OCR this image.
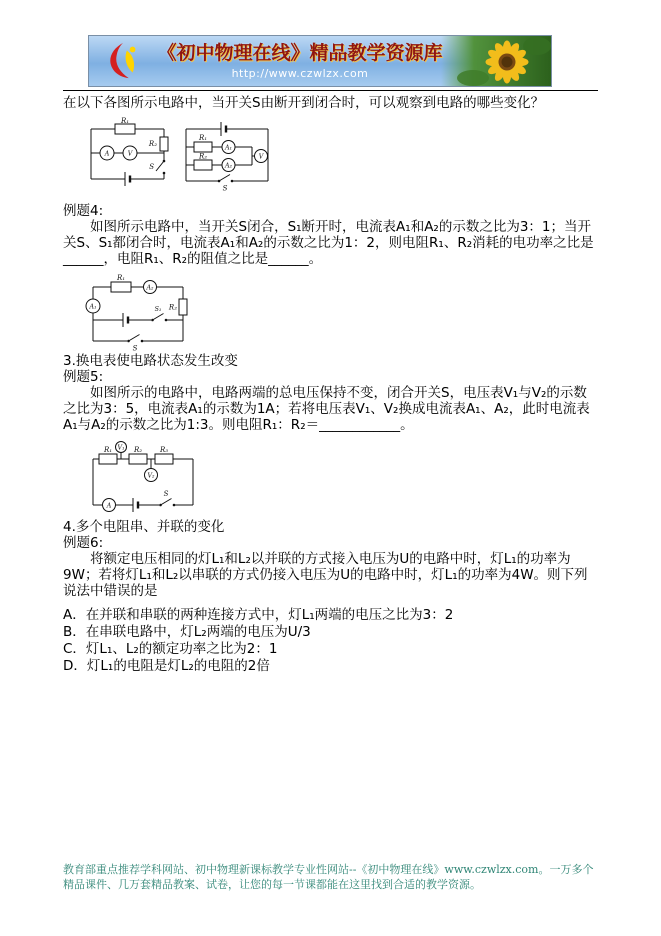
《初中物理在线》精品教学资源库
http://www.czwlzx.com

在以下各图所示电路中，当开关S由断开到闭合时，可以观察到电路的哪些变化？

R₁
A	V
R₂
S
R₁
A₁
R₂
A₂
V
S

例题4:

如图所示电路中，当开关S闭合，S₁断开时，电流表A₁和A₂的示数之比为3：1；当开关S、S₁都闭合时，电流表A₁和A₂的示数之比为1：2，则电阻R₁、R₂消耗的电功率之比是______，电阻R₁、R₂的阻值之比是______。

A₁
R₁
A₂
R₂
S₁
S

3.换电表使电路状态发生改变

例题5:

如图所示的电路中，电路两端的总电压保持不变，闭合开关S，电压表V₁与V₂的示数之比为3：5，电流表A₁的示数为1A；若将电压表V₁、V₂换成电流表A₁、A₂，此时电流表A₁与A₂的示数之比为1:3。则电阻R₁：R₂＝____________。

R₁	R₂	R₃
V₁
V₂
A
S

4.多个电阻串、并联的变化

例题6:

将额定电压相同的灯L₁和L₂以并联的方式接入电压为U的电路中时，灯L₁的功率为9W；若将灯L₁和L₂以串联的方式仍接入电压为U的电路中时，灯L₁的功率为4W。则下列说法中错误的是

A．在并联和串联的两种连接方式中，灯L₁两端的电压之比为3：2

B．在串联电路中，灯L₂两端的电压为U/3

C．灯L₁、L₂的额定功率之比为2：1

D．灯L₁的电阻是灯L₂的电阻的2倍

教育部重点推荐学科网站、初中物理新课标教学专业性网站--《初中物理在线》www.czwlzx.com。一万多个精品课件、几万套精品教案、试卷，让您的每一节课都能在这里找到合适的教学资源。
